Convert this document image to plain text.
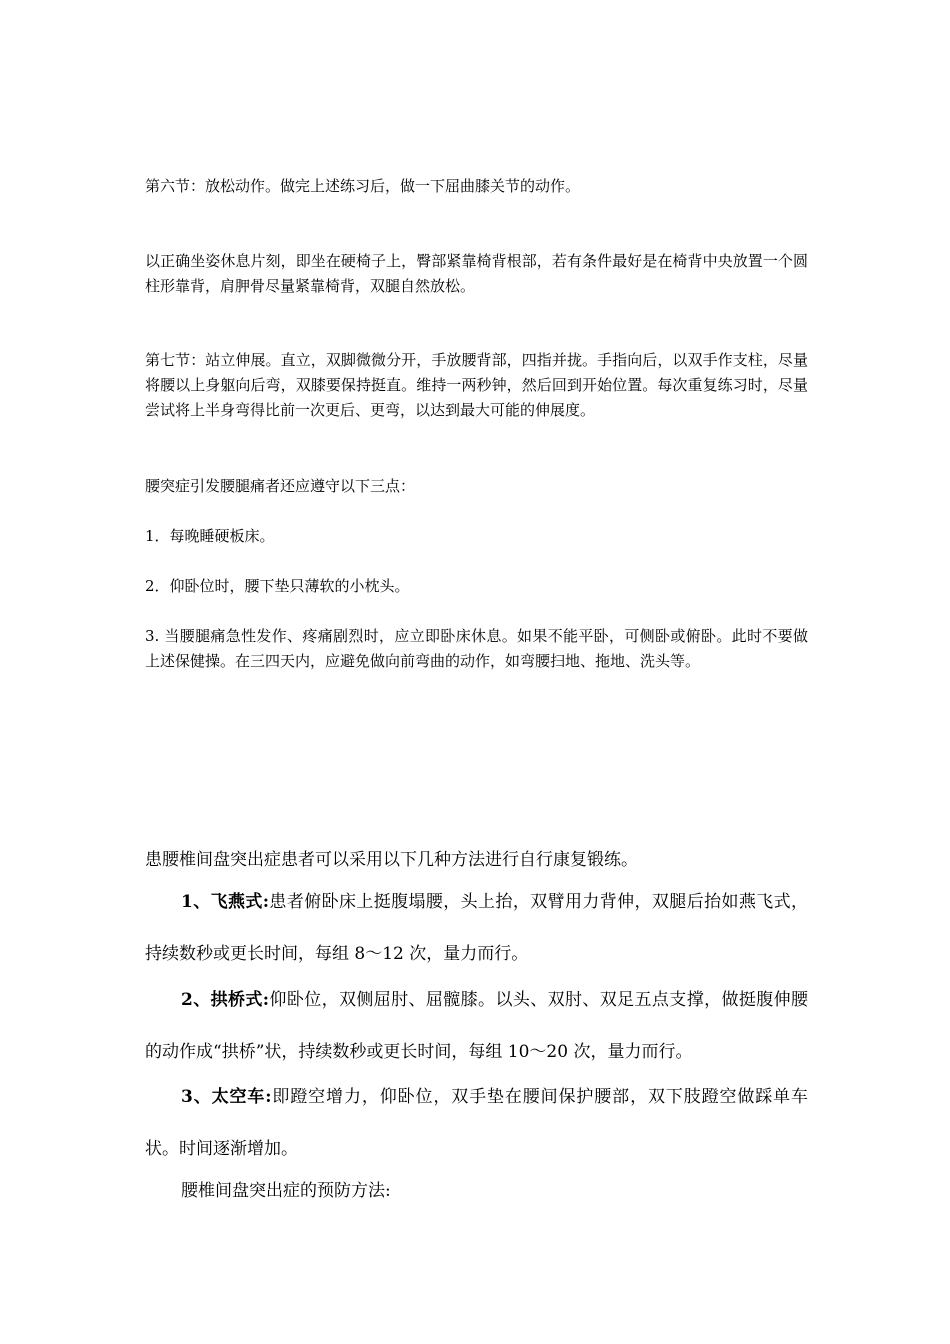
第六节：放松动作。做完上述练习后，做一下屈曲膝关节的动作。

以正确坐姿休息片刻，即坐在硬椅子上，臀部紧靠椅背根部，若有条件最好是在椅背中央放置一个圆柱形靠背，肩胛骨尽量紧靠椅背，双腿自然放松。

第七节：站立伸展。直立，双脚微微分开，手放腰背部，四指并拢。手指向后，以双手作支柱，尽量将腰以上身躯向后弯，双膝要保持挺直。维持一两秒钟，然后回到开始位置。每次重复练习时，尽量尝试将上半身弯得比前一次更后、更弯，以达到最大可能的伸展度。

腰突症引发腰腿痛者还应遵守以下三点：

1．每晚睡硬板床。

2．仰卧位时，腰下垫只薄软的小枕头。

3. 当腰腿痛急性发作、疼痛剧烈时，应立即卧床休息。如果不能平卧，可侧卧或俯卧。此时不要做上述保健操。在三四天内，应避免做向前弯曲的动作，如弯腰扫地、拖地、洗头等。

患腰椎间盘突出症患者可以采用以下几种方法进行自行康复锻练。

1、飞燕式:患者俯卧床上挺腹塌腰，头上抬，双臂用力背伸，双腿后抬如燕飞式，持续数秒或更长时间，每组 8～12 次，量力而行。

2、拱桥式:仰卧位，双侧屈肘、屈髋膝。以头、双肘、双足五点支撑，做挺腹伸腰的动作成“拱桥”状，持续数秒或更长时间，每组 10～20 次，量力而行。

3、太空车:即蹬空增力，仰卧位，双手垫在腰间保护腰部，双下肢蹬空做踩单车状。时间逐渐增加。

腰椎间盘突出症的预防方法:
